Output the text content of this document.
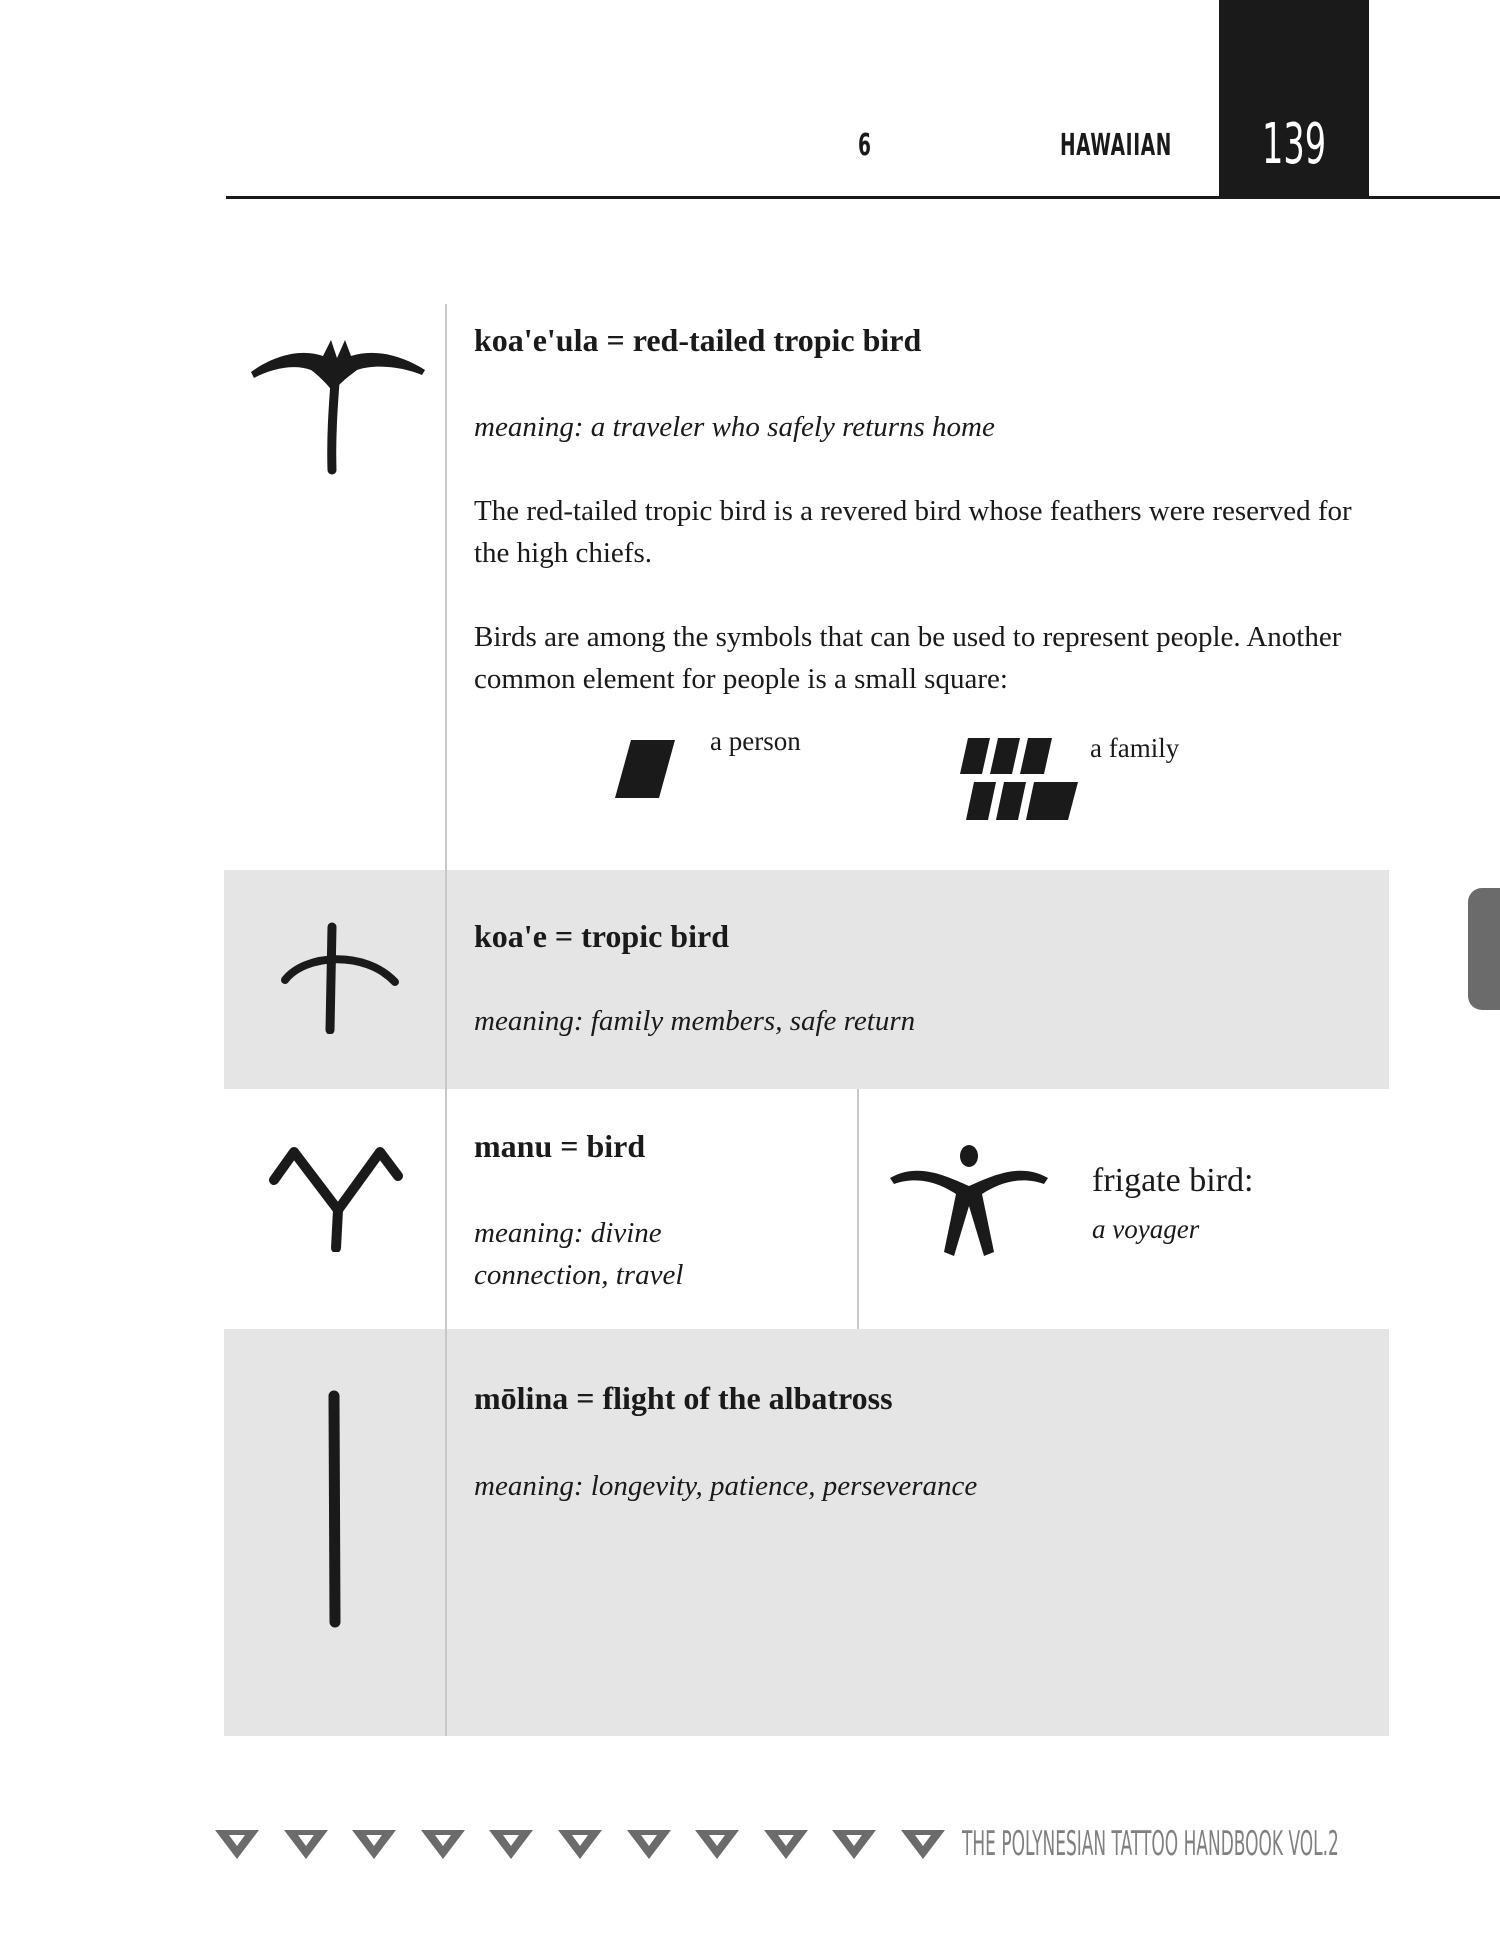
6	HAWAIIAN 139
koa'e'ula = red-tailed tropic bird
meaning: a traveler who safely returns home
The red-tailed tropic bird is a revered bird whose feathers were reserved for the high chiefs.
Birds are among the symbols that can be used to represent people. Another common element for people is a small square:
a person	a family
koa'e = tropic bird
meaning: family members, safe return
manu = bird
meaning: divine
connection, travel
frigate bird:
a voyager
mōlina = flight of the albatross
meaning: longevity, patience, perseverance
THE POLYNESIAN TATTOO HANDBOOK VOL.2
